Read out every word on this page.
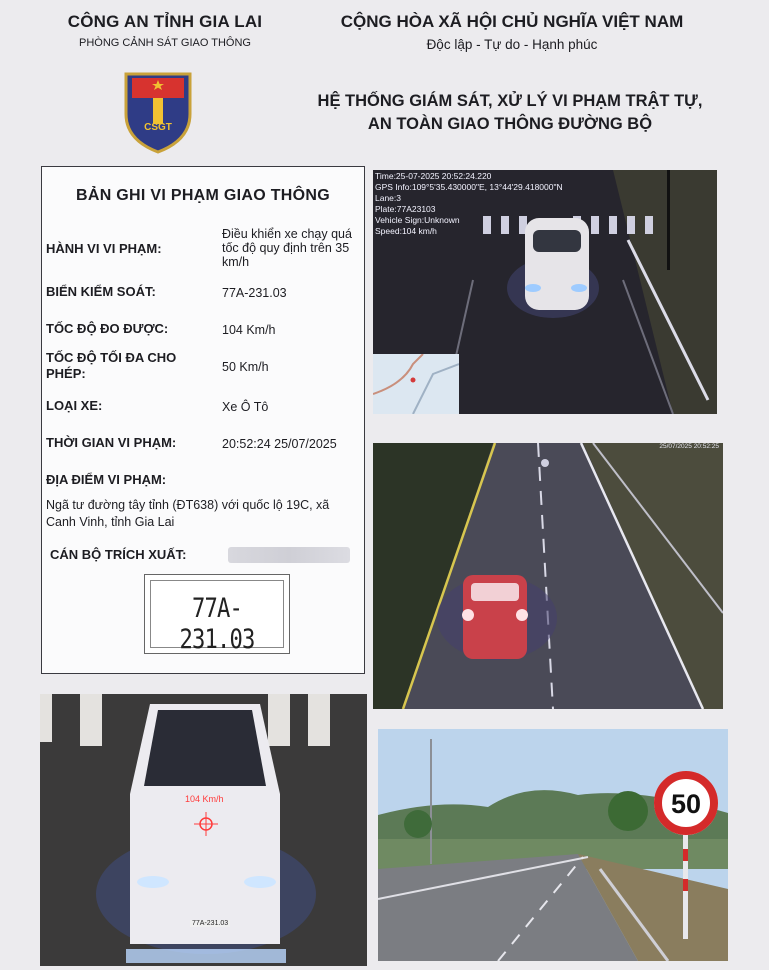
CÔNG AN TỈNH GIA LAI
PHÒNG CẢNH SÁT GIAO THÔNG
CSGT
CỘNG HÒA XÃ HỘI CHỦ NGHĨA VIỆT NAM
Độc lập - Tự do - Hạnh phúc
HỆ THỐNG GIÁM SÁT, XỬ LÝ VI PHẠM TRẬT TỰ,
AN TOÀN GIAO THÔNG ĐƯỜNG BỘ
BẢN GHI VI PHẠM GIAO THÔNG
HÀNH VI VI PHẠM:
Điều khiển xe chạy quá tốc độ quy định trên 35 km/h
BIỂN KIỂM SOÁT:	77A-231.03
TỐC ĐỘ ĐO ĐƯỢC:	104 Km/h
TỐC ĐỘ TỐI ĐA CHO PHÉP:	50 Km/h
LOẠI XE:	Xe Ô Tô
THỜI GIAN VI PHẠM:	20:52:24 25/07/2025
ĐỊA ĐIỂM VI PHẠM:
Ngã tư đường tây tỉnh (ĐT638) với quốc lộ 19C, xã Canh Vinh, tỉnh Gia Lai
CÁN BỘ TRÍCH XUẤT:
77A-231.03
Time:25-07-2025 20:52:24.220
GPS Info:109°5'35.430000"E, 13°44'29.418000"N
Lane:3
Plate:77A23103
Vehicle Sign:Unknown
Speed:104 km/h
25/07/2025 20:52:25
104 Km/h
77A-231.03
50
